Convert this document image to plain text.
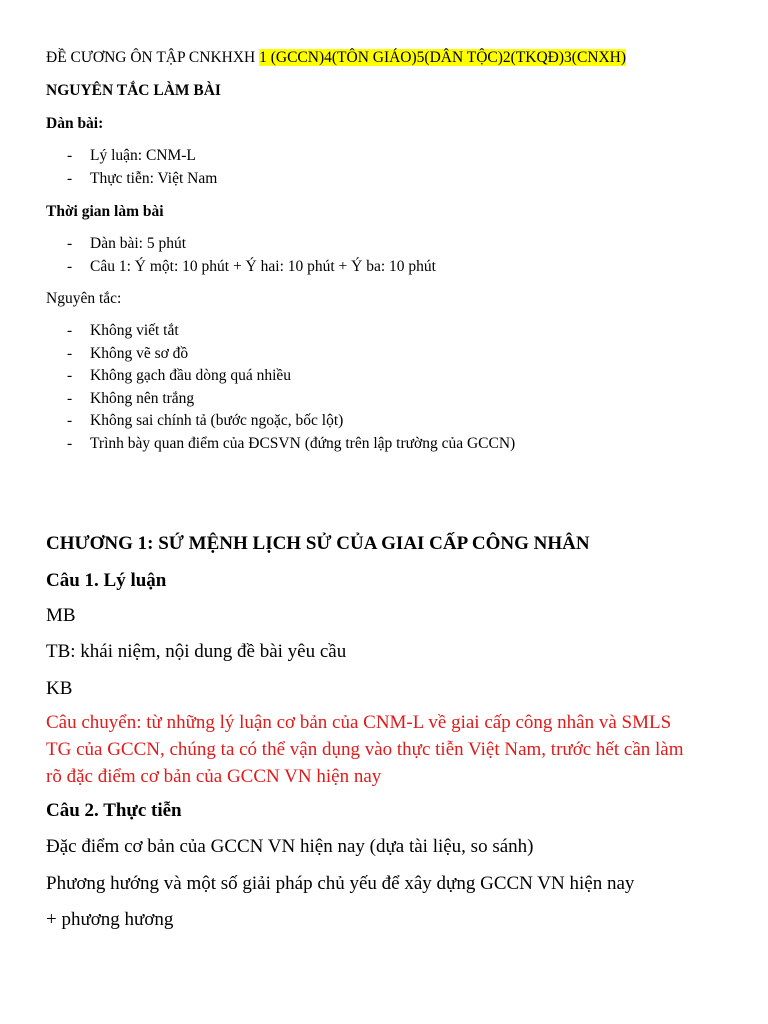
ĐỀ CƯƠNG ÔN TẬP CNKHXH 1 (GCCN)4(TÔN GIÁO)5(DÂN TỘC)2(TKQĐ)3(CNXH)
NGUYÊN TẮC LÀM BÀI
Dàn bài:
- Lý luận: CNM-L
- Thực tiễn: Việt Nam
Thời gian làm bài
- Dàn bài: 5 phút
- Câu 1: Ý một: 10 phút + Ý hai: 10 phút + Ý ba: 10 phút
Nguyên tắc:
- Không viết tắt
- Không vẽ sơ đồ
- Không gạch đầu dòng quá nhiều
- Không nên trắng
- Không sai chính tả (bước ngoặc, bốc lột)
- Trình bày quan điểm của ĐCSVN (đứng trên lập trường của GCCN)
CHƯƠNG 1: SỨ MỆNH LỊCH SỬ CỦA GIAI CẤP CÔNG NHÂN
Câu 1. Lý luận
MB
TB: khái niệm, nội dung đề bài yêu cầu
KB
Câu chuyển: từ những lý luận cơ bản của CNM-L về giai cấp công nhân và SMLS
TG của GCCN, chúng ta có thể vận dụng vào thực tiễn Việt Nam, trước hết cần làm
rõ đặc điểm cơ bản của GCCN VN hiện nay
Câu 2. Thực tiễn
Đặc điểm cơ bản của GCCN VN hiện nay (dựa tài liệu, so sánh)
Phương hướng và một số giải pháp chủ yếu để xây dựng GCCN VN hiện nay
+ phương hương
